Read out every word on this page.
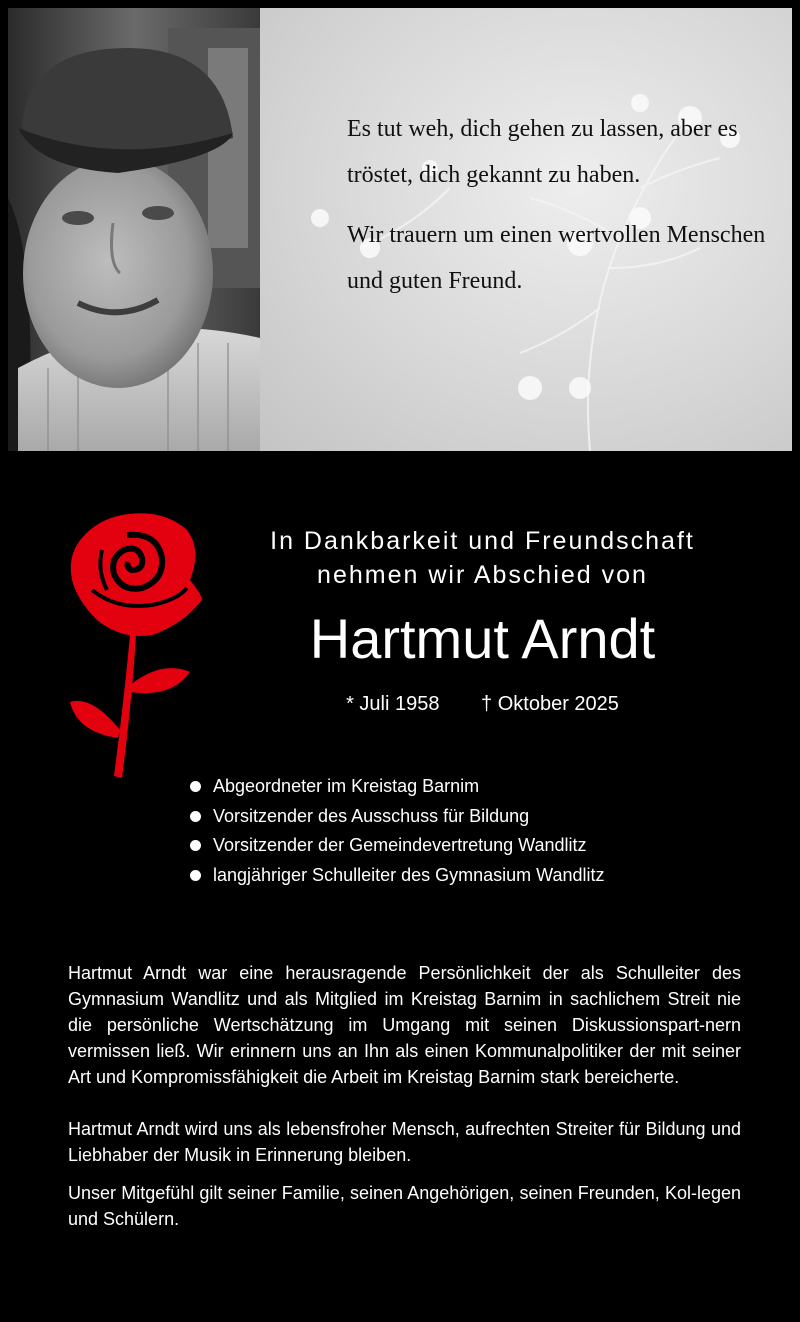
Es tut weh, dich gehen zu lassen, aber es tröstet, dich gekannt zu haben.

Wir trauern um einen wertvollen Menschen und guten Freund.

In Dankbarkeit und Freundschaft
nehmen wir Abschied von
Hartmut Arndt
* Juli 1958 † Oktober 2025
Abgeordneter im Kreistag Barnim
Vorsitzender des Ausschuss für Bildung
Vorsitzender der Gemeindevertretung Wandlitz
langjähriger Schulleiter des Gymnasium Wandlitz

Hartmut Arndt war eine herausragende Persönlichkeit der als Schulleiter des Gymnasium Wandlitz und als Mitglied im Kreistag Barnim in sachlichem Streit nie die persönliche Wertschätzung im Umgang mit seinen Diskussionspart-nern vermissen ließ. Wir erinnern uns an Ihn als einen Kommunalpolitiker der mit seiner Art und Kompromissfähigkeit die Arbeit im Kreistag Barnim stark bereicherte.

Hartmut Arndt wird uns als lebensfroher Mensch, aufrechten Streiter für Bildung und Liebhaber der Musik in Erinnerung bleiben.

Unser Mitgefühl gilt seiner Familie, seinen Angehörigen, seinen Freunden, Kol-legen und Schülern.
